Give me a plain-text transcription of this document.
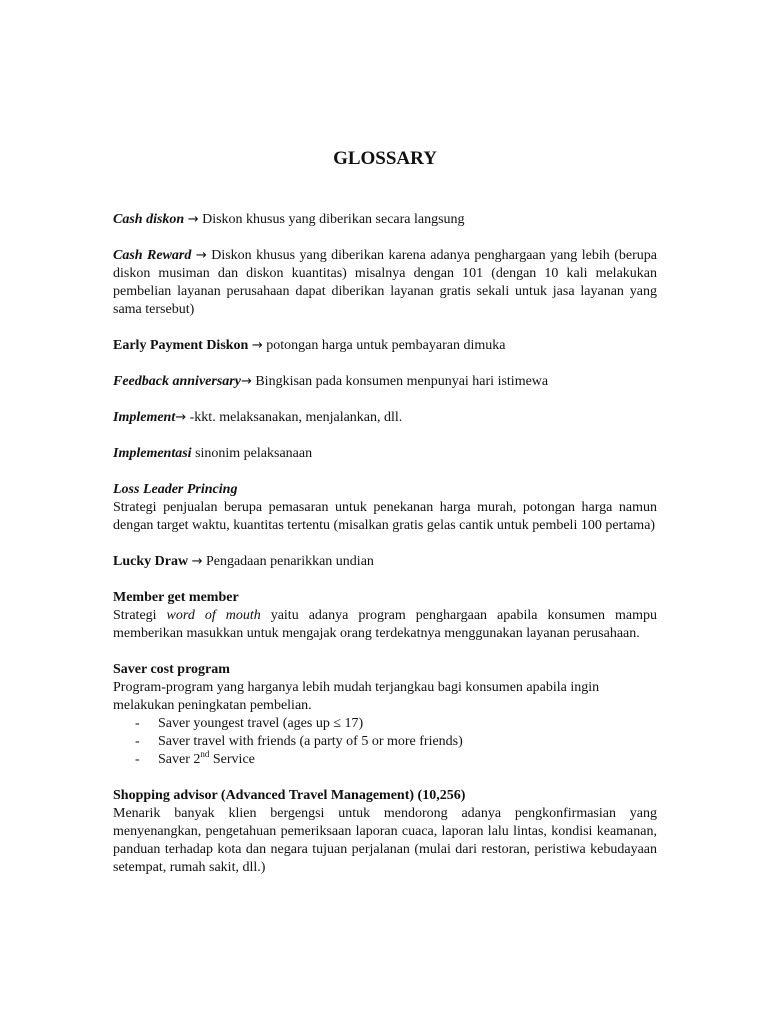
GLOSSARY
Cash diskon → Diskon khusus yang diberikan secara langsung
Cash Reward → Diskon khusus yang diberikan karena adanya penghargaan yang lebih (berupa diskon musiman dan diskon kuantitas) misalnya dengan 101 (dengan 10 kali melakukan pembelian layanan perusahaan dapat diberikan layanan gratis sekali untuk jasa layanan yang sama tersebut)
Early Payment Diskon → potongan harga untuk pembayaran dimuka
Feedback anniversary→ Bingkisan pada konsumen menpunyai hari istimewa
Implement→ -kkt. melaksanakan, menjalankan, dll.
Implementasi sinonim pelaksanaan
Loss Leader Princing
Strategi penjualan berupa pemasaran untuk penekanan harga murah, potongan harga namun dengan target waktu, kuantitas tertentu (misalkan gratis gelas cantik untuk pembeli 100 pertama)
Lucky Draw → Pengadaan penarikkan undian
Member get member
Strategi word of mouth yaitu adanya program penghargaan apabila konsumen mampu memberikan masukkan untuk mengajak orang terdekatnya menggunakan layanan perusahaan.
Saver cost program
Program-program yang harganya lebih mudah terjangkau bagi konsumen apabila ingin melakukan peningkatan pembelian.
- Saver youngest travel (ages up ≤ 17)
- Saver travel with friends (a party of 5 or more friends)
- Saver 2nd Service
Shopping advisor (Advanced Travel Management) (10,256)
Menarik banyak klien bergengsi untuk mendorong adanya pengkonfirmasian yang menyenangkan, pengetahuan pemeriksaan laporan cuaca, laporan lalu lintas, kondisi keamanan, panduan terhadap kota dan negara tujuan perjalanan (mulai dari restoran, peristiwa kebudayaan setempat, rumah sakit, dll.)
